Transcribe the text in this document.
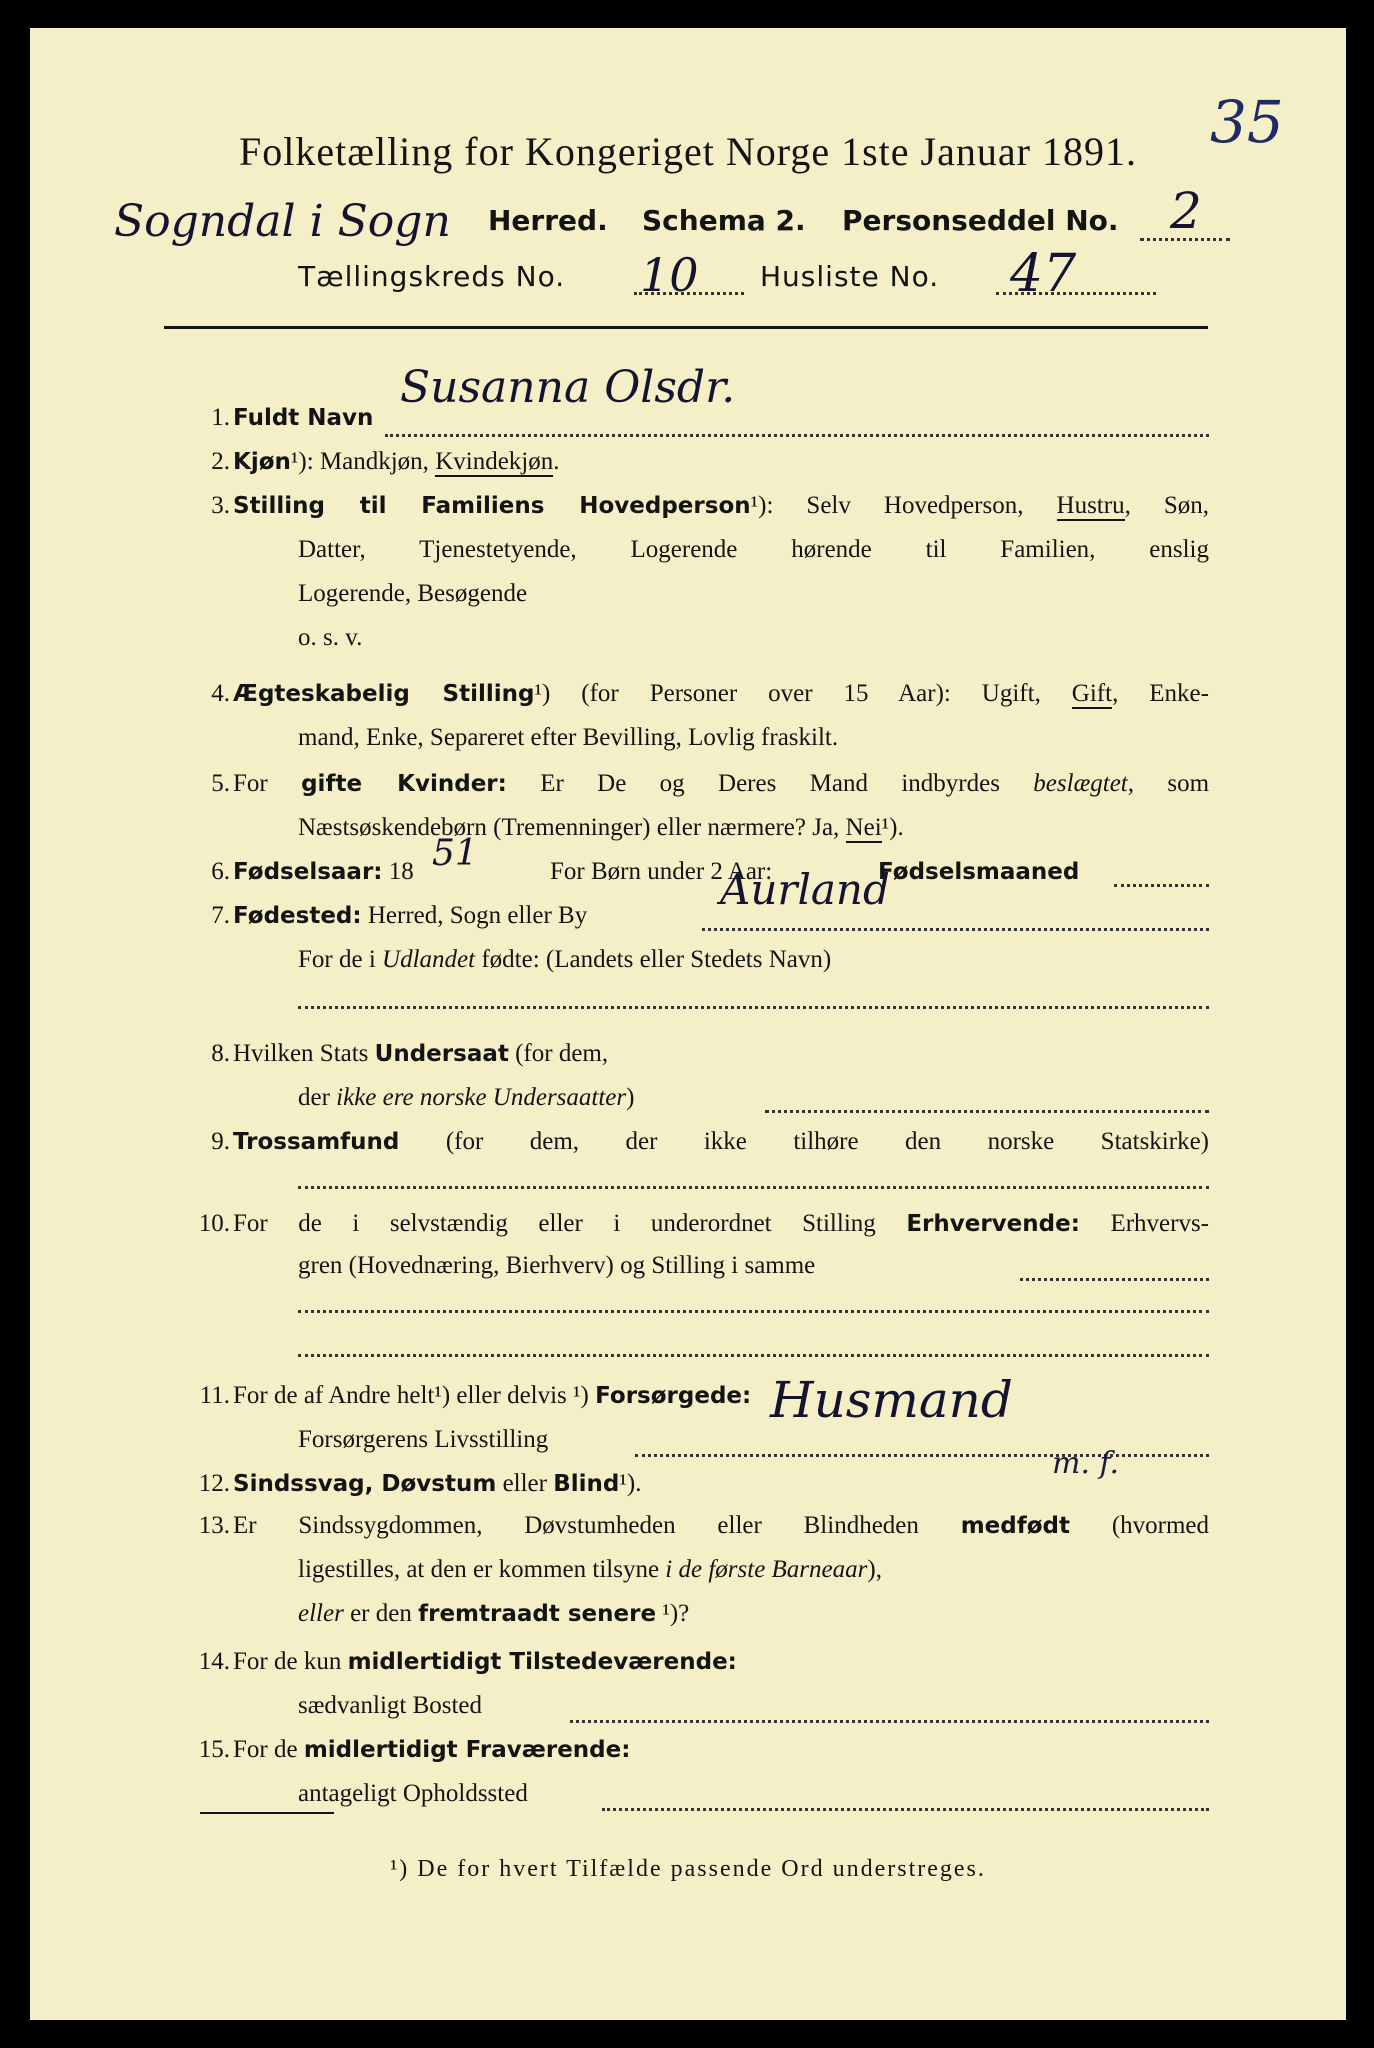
Folketælling for Kongeriget Norge 1ste Januar 1891.	35
Sogndal i Sogn Herred. Schema 2. Personseddel No. 2
Tællingskreds No. 10 Husliste No. 47
1. Fuldt Navn
Susanna Olsdr.
2. Kjøn¹): Mandkjøn, Kvindekjøn.
3. Stilling til Familiens Hovedperson¹): Selv Hovedperson, Hustru, Søn,
Datter, Tjenestetyende, Logerende hørende til Familien, enslig
Logerende, Besøgende
o. s. v.
4. Ægteskabelig Stilling¹) (for Personer over 15 Aar): Ugift, Gift, Enke-
mand, Enke, Separeret efter Bevilling, Lovlig fraskilt.
5. For gifte Kvinder: Er De og Deres Mand indbyrdes beslægtet, som
Næstsøskendebørn (Tremenninger) eller nærmere? Ja, Nei¹).
6. Fødselsaar: 18 51	For Børn under 2 Aar:	Fødselsmaaned
7. Fødested: Herred, Sogn eller By
Aurland
For de i Udlandet fødte: (Landets eller Stedets Navn)
8. Hvilken Stats Undersaat (for dem,
der ikke ere norske Undersaatter)
9. Trossamfund (for dem, der ikke tilhøre den norske Statskirke)
10. For de i selvstændig eller i underordnet Stilling Erhvervende: Erhvervs-
gren (Hovednæring, Bierhverv) og Stilling i samme
11. For de af Andre helt¹) eller delvis ¹) Forsørgede:
Forsørgerens Livsstilling
Husmand
12. Sindssvag, Døvstum eller Blind¹).
m. f.
13. Er Sindssygdommen, Døvstumheden eller Blindheden medfødt (hvormed
ligestilles, at den er kommen tilsyne i de første Barneaar),
eller er den fremtraadt senere ¹)?
14. For de kun midlertidigt Tilstedeværende:
sædvanligt Bosted
15. For de midlertidigt Fraværende:
antageligt Opholdssted
¹) De for hvert Tilfælde passende Ord understreges.
